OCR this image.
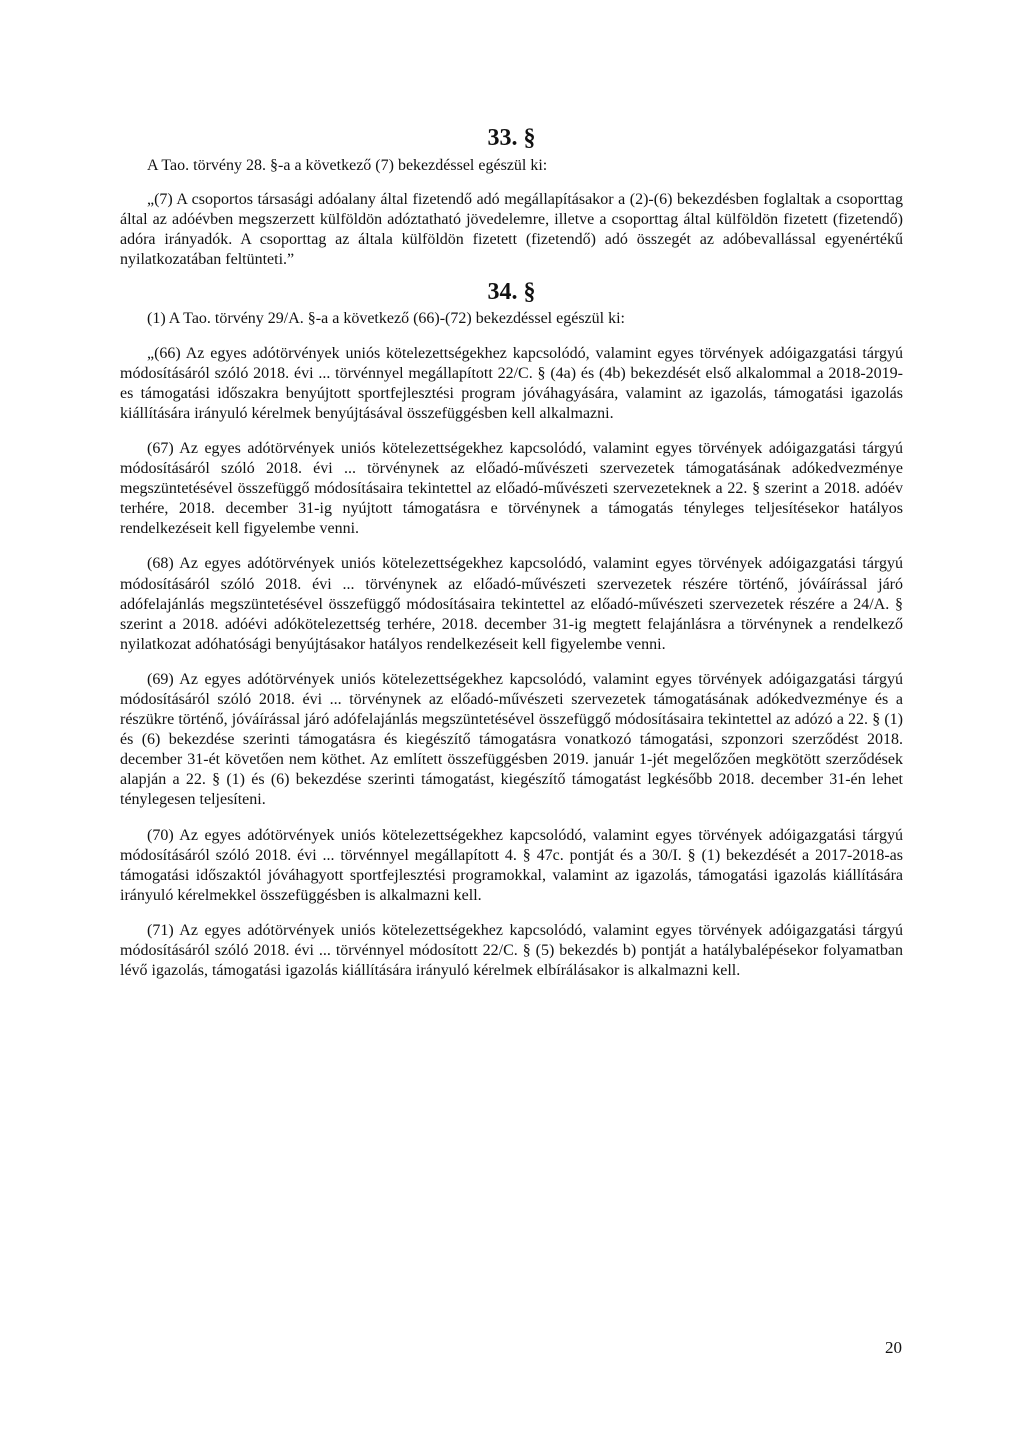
33. §

A Tao. törvény 28. §-a a következő (7) bekezdéssel egészül ki:

„(7) A csoportos társasági adóalany által fizetendő adó megállapításakor a (2)-(6) bekezdésben foglaltak a csoporttag által az adóévben megszerzett külföldön adóztatható jövedelemre, illetve a csoporttag által külföldön fizetett (fizetendő) adóra irányadók. A csoporttag az általa külföldön fizetett (fizetendő) adó összegét az adóbevallással egyenértékű nyilatkozatában feltünteti.”

34. §

(1) A Tao. törvény 29/A. §-a a következő (66)-(72) bekezdéssel egészül ki:

„(66) Az egyes adótörvények uniós kötelezettségekhez kapcsolódó, valamint egyes törvények adóigazgatási tárgyú módosításáról szóló 2018. évi ... törvénnyel megállapított 22/C. § (4a) és (4b) bekezdését első alkalommal a 2018-2019-es támogatási időszakra benyújtott sportfejlesztési program jóváhagyására, valamint az igazolás, támogatási igazolás kiállítására irányuló kérelmek benyújtásával összefüggésben kell alkalmazni.

(67) Az egyes adótörvények uniós kötelezettségekhez kapcsolódó, valamint egyes törvények adóigazgatási tárgyú módosításáról szóló 2018. évi ... törvénynek az előadó-művészeti szervezetek támogatásának adókedvezménye megszüntetésével összefüggő módosításaira tekintettel az előadó-művészeti szervezeteknek a 22. § szerint a 2018. adóév terhére, 2018. december 31-ig nyújtott támogatásra e törvénynek a támogatás tényleges teljesítésekor hatályos rendelkezéseit kell figyelembe venni.

(68) Az egyes adótörvények uniós kötelezettségekhez kapcsolódó, valamint egyes törvények adóigazgatási tárgyú módosításáról szóló 2018. évi ... törvénynek az előadó-művészeti szervezetek részére történő, jóváírással járó adófelajánlás megszüntetésével összefüggő módosításaira tekintettel az előadó-művészeti szervezetek részére a 24/A. § szerint a 2018. adóévi adókötelezettség terhére, 2018. december 31-ig megtett felajánlásra a törvénynek a rendelkező nyilatkozat adóhatósági benyújtásakor hatályos rendelkezéseit kell figyelembe venni.

(69) Az egyes adótörvények uniós kötelezettségekhez kapcsolódó, valamint egyes törvények adóigazgatási tárgyú módosításáról szóló 2018. évi ... törvénynek az előadó-művészeti szervezetek támogatásának adókedvezménye és a részükre történő, jóváírással járó adófelajánlás megszüntetésével összefüggő módosításaira tekintettel az adózó a 22. § (1) és (6) bekezdése szerinti támogatásra és kiegészítő támogatásra vonatkozó támogatási, szponzori szerződést 2018. december 31-ét követően nem köthet. Az említett összefüggésben 2019. január 1-jét megelőzően megkötött szerződések alapján a 22. § (1) és (6) bekezdése szerinti támogatást, kiegészítő támogatást legkésőbb 2018. december 31-én lehet ténylegesen teljesíteni.

(70) Az egyes adótörvények uniós kötelezettségekhez kapcsolódó, valamint egyes törvények adóigazgatási tárgyú módosításáról szóló 2018. évi ... törvénnyel megállapított 4. § 47c. pontját és a 30/I. § (1) bekezdését a 2017-2018-as támogatási időszaktól jóváhagyott sportfejlesztési programokkal, valamint az igazolás, támogatási igazolás kiállítására irányuló kérelmekkel összefüggésben is alkalmazni kell.

(71) Az egyes adótörvények uniós kötelezettségekhez kapcsolódó, valamint egyes törvények adóigazgatási tárgyú módosításáról szóló 2018. évi ... törvénnyel módosított 22/C. § (5) bekezdés b) pontját a hatálybalépésekor folyamatban lévő igazolás, támogatási igazolás kiállítására irányuló kérelmek elbírálásakor is alkalmazni kell.

20
